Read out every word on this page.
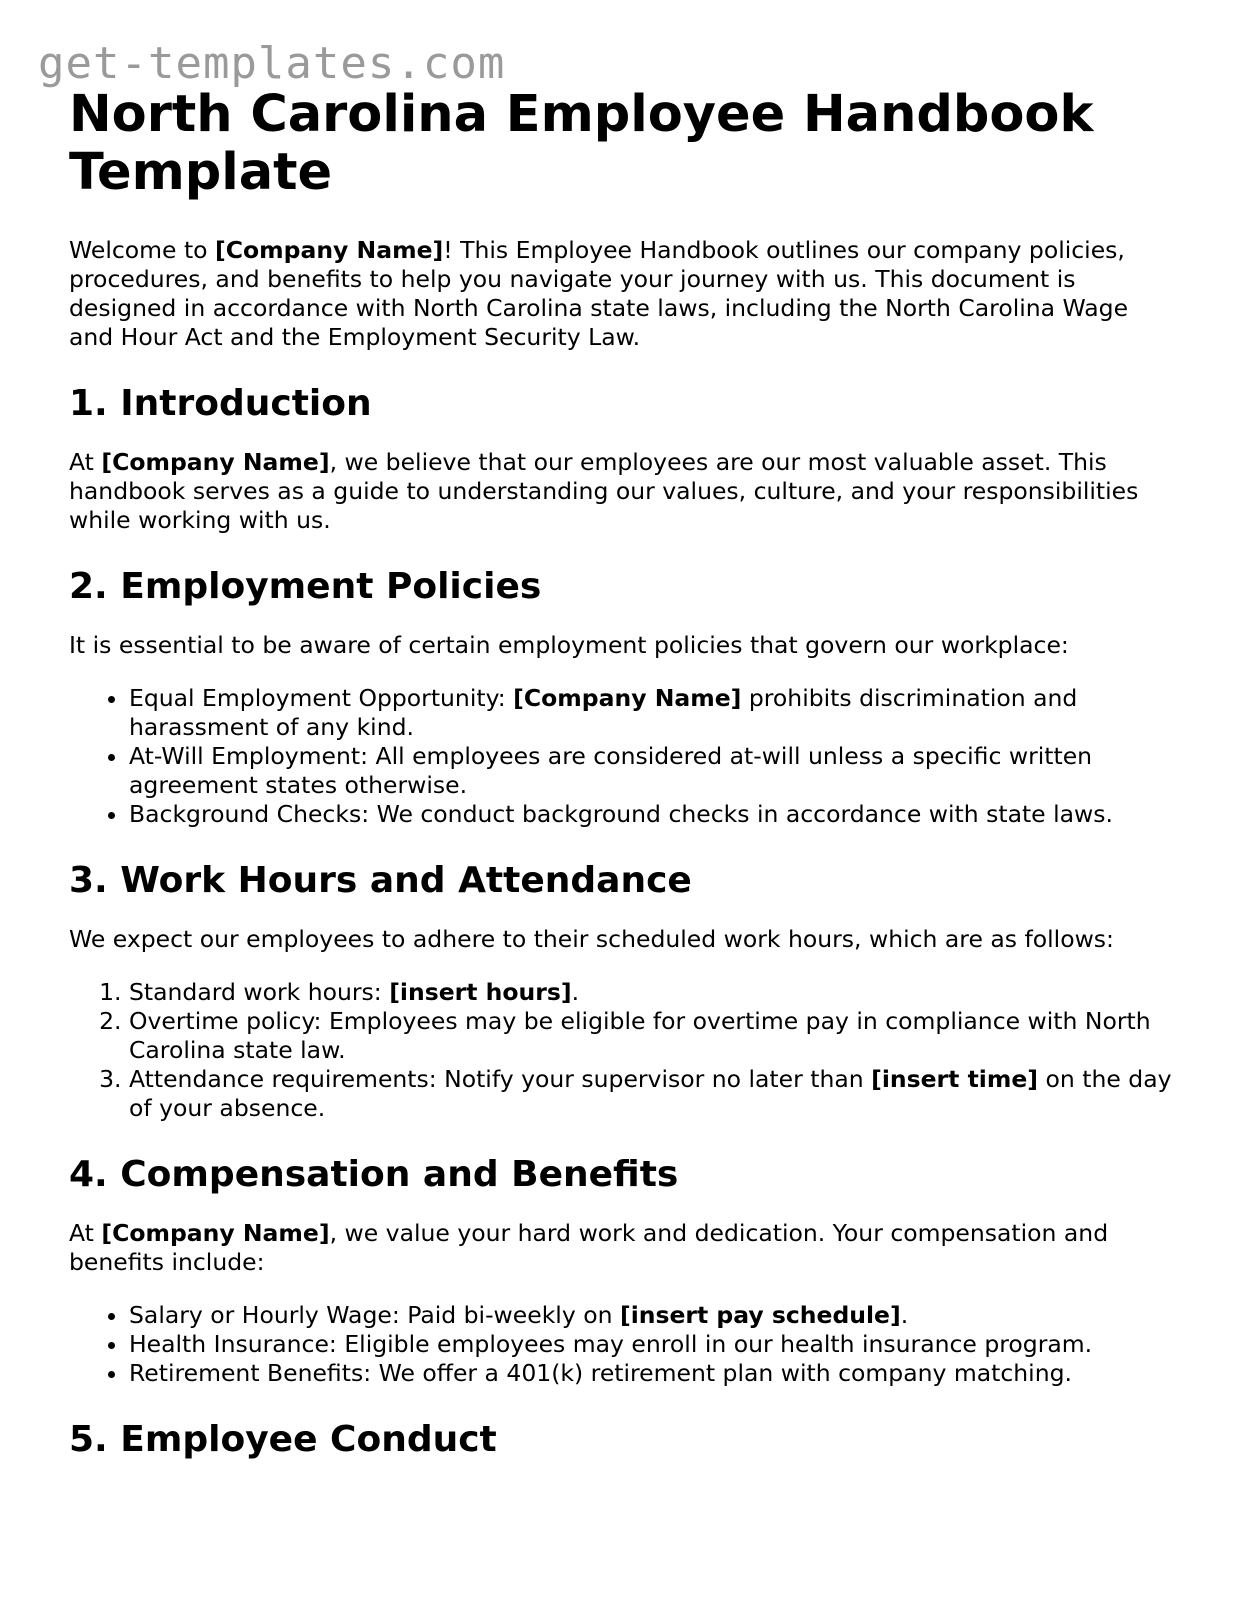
get-templates.com
North Carolina Employee Handbook Template

Welcome to [Company Name]! This Employee Handbook outlines our company policies, procedures, and benefits to help you navigate your journey with us. This document is designed in accordance with North Carolina state laws, including the North Carolina Wage and Hour Act and the Employment Security Law.

1. Introduction

At [Company Name], we believe that our employees are our most valuable asset. This handbook serves as a guide to understanding our values, culture, and your responsibilities while working with us.

2. Employment Policies

It is essential to be aware of certain employment policies that govern our workplace:

• Equal Employment Opportunity: [Company Name] prohibits discrimination and harassment of any kind.
• At-Will Employment: All employees are considered at-will unless a specific written agreement states otherwise.
• Background Checks: We conduct background checks in accordance with state laws.
3. Work Hours and Attendance

We expect our employees to adhere to their scheduled work hours, which are as follows:

1. Standard work hours: [insert hours].
2. Overtime policy: Employees may be eligible for overtime pay in compliance with North Carolina state law.
3. Attendance requirements: Notify your supervisor no later than [insert time] on the day of your absence.
4. Compensation and Benefits

At [Company Name], we value your hard work and dedication. Your compensation and benefits include:

• Salary or Hourly Wage: Paid bi-weekly on [insert pay schedule].
• Health Insurance: Eligible employees may enroll in our health insurance program.
• Retirement Benefits: We offer a 401(k) retirement plan with company matching.
5. Employee Conduct
